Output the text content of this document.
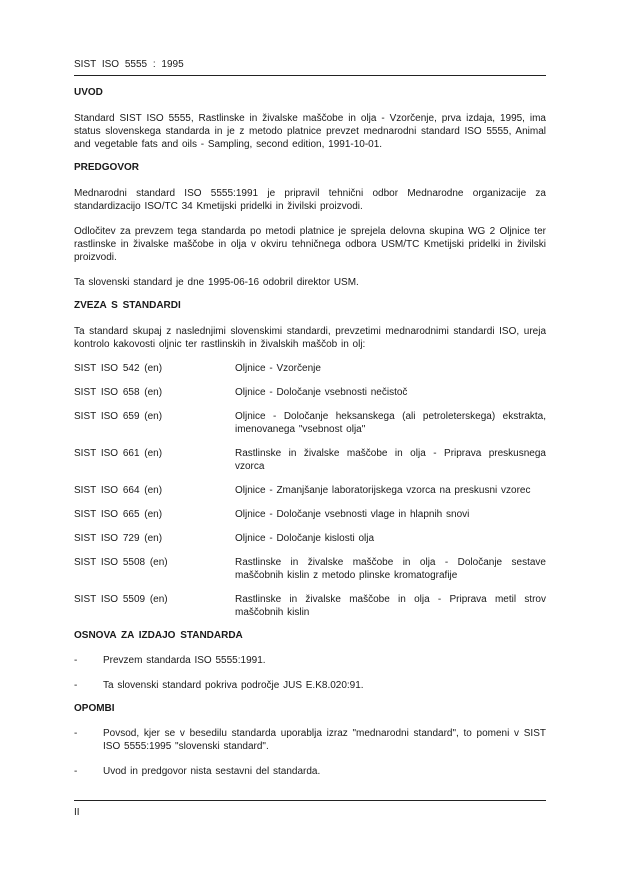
SIST ISO 5555 : 1995
UVOD

Standard SIST ISO 5555, Rastlinske in živalske maščobe in olja - Vzorčenje, prva izdaja, 1995, ima status slovenskega standarda in je z metodo platnice prevzet mednarodni standard ISO 5555, Animal and vegetable fats and oils - Sampling, second edition, 1991-10-01.

PREDGOVOR

Mednarodni standard ISO 5555:1991 je pripravil tehnični odbor Mednarodne organizacije za standardizacijo ISO/TC 34 Kmetijski pridelki in živilski proizvodi.

Odločitev za prevzem tega standarda po metodi platnice je sprejela delovna skupina WG 2 Oljnice ter rastlinske in živalske maščobe in olja v okviru tehničnega odbora USM/TC Kmetijski pridelki in živilski proizvodi.

Ta slovenski standard je dne 1995-06-16 odobril direktor USM.

ZVEZA S STANDARDI

Ta standard skupaj z naslednjimi slovenskimi standardi, prevzetimi mednarodnimi standardi ISO, ureja kontrolo kakovosti oljnic ter rastlinskih in živalskih maščob in olj:

SIST ISO 542 (en)	Oljnice - Vzorčenje
SIST ISO 658 (en)	Oljnice - Določanje vsebnosti nečistoč
SIST ISO 659 (en)	Oljnice - Določanje heksanskega (ali petroleterskega) ekstrakta, imenovanega "vsebnost olja"
SIST ISO 661 (en)	Rastlinske in živalske maščobe in olja - Priprava preskusnega vzorca
SIST ISO 664 (en)	Oljnice - Zmanjšanje laboratorijskega vzorca na preskusni vzorec
SIST ISO 665 (en)	Oljnice - Določanje vsebnosti vlage in hlapnih snovi
SIST ISO 729 (en)	Oljnice - Določanje kislosti olja
SIST ISO 5508 (en)	Rastlinske in živalske maščobe in olja - Določanje sestave maščobnih kislin z metodo plinske kromatografije
SIST ISO 5509 (en)	Rastlinske in živalske maščobe in olja - Priprava metil strov maščobnih kislin
OSNOVA ZA IZDAJO STANDARDA
-	Prevzem standarda ISO 5555:1991.
-	Ta slovenski standard pokriva področje JUS E.K8.020:91.
OPOMBI
-	Povsod, kjer se v besedilu standarda uporablja izraz "mednarodni standard", to pomeni v SIST ISO 5555:1995 "slovenski standard".
-	Uvod in predgovor nista sestavni del standarda.
II
